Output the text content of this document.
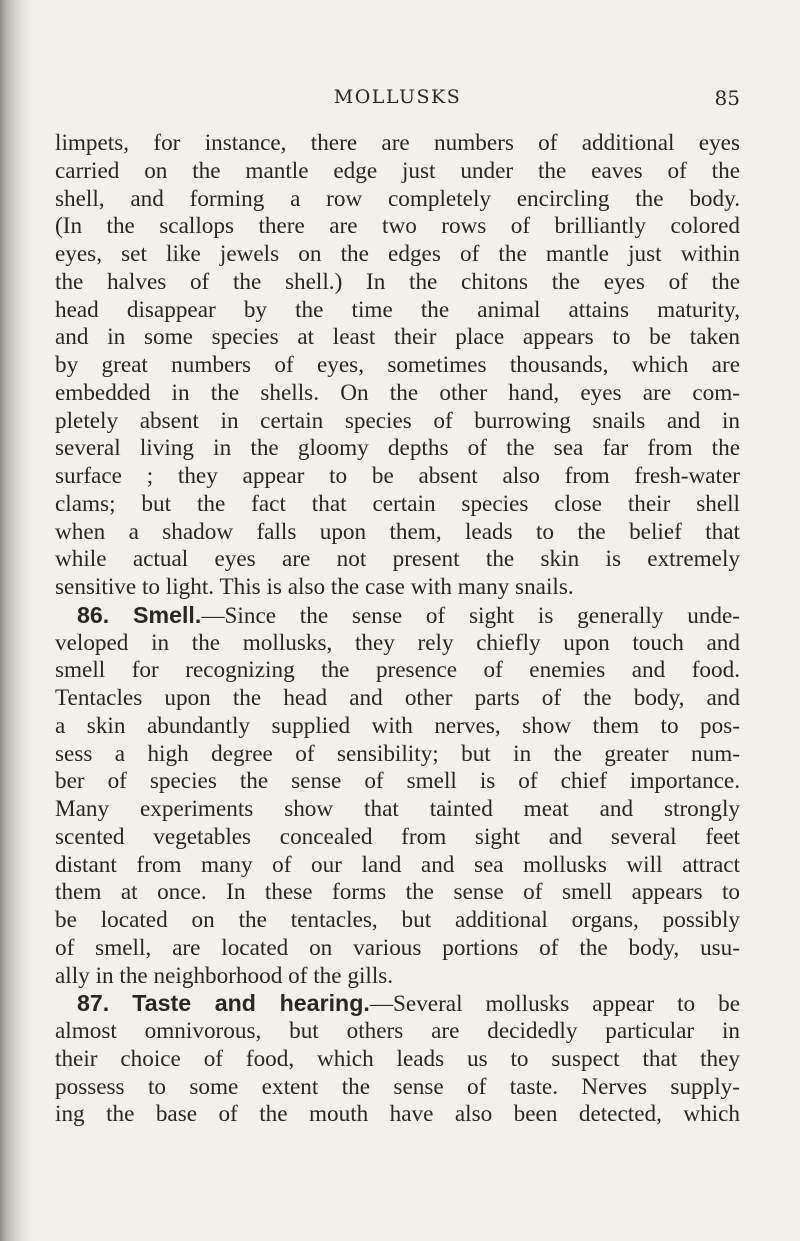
MOLLUSKS	85
limpets, for instance, there are numbers of additional eyes
carried on the mantle edge just under the eaves of the
shell, and forming a row completely encircling the body.
(In the scallops there are two rows of brilliantly colored
eyes, set like jewels on the edges of the mantle just within
the halves of the shell.) In the chitons the eyes of the
head disappear by the time the animal attains maturity,
and in some species at least their place appears to be taken
by great numbers of eyes, sometimes thousands, which are
embedded in the shells. On the other hand, eyes are com-
pletely absent in certain species of burrowing snails and in
several living in the gloomy depths of the sea far from the
surface ; they appear to be absent also from fresh-water
clams; but the fact that certain species close their shell
when a shadow falls upon them, leads to the belief that
while actual eyes are not present the skin is extremely
sensitive to light. This is also the case with many snails.
86. Smell.—Since the sense of sight is generally unde-
veloped in the mollusks, they rely chiefly upon touch and
smell for recognizing the presence of enemies and food.
Tentacles upon the head and other parts of the body, and
a skin abundantly supplied with nerves, show them to pos-
sess a high degree of sensibility; but in the greater num-
ber of species the sense of smell is of chief importance.
Many experiments show that tainted meat and strongly
scented vegetables concealed from sight and several feet
distant from many of our land and sea mollusks will attract
them at once. In these forms the sense of smell appears to
be located on the tentacles, but additional organs, possibly
of smell, are located on various portions of the body, usu-
ally in the neighborhood of the gills.
87. Taste and hearing.—Several mollusks appear to be
almost omnivorous, but others are decidedly particular in
their choice of food, which leads us to suspect that they
possess to some extent the sense of taste. Nerves supply-
ing the base of the mouth have also been detected, which
